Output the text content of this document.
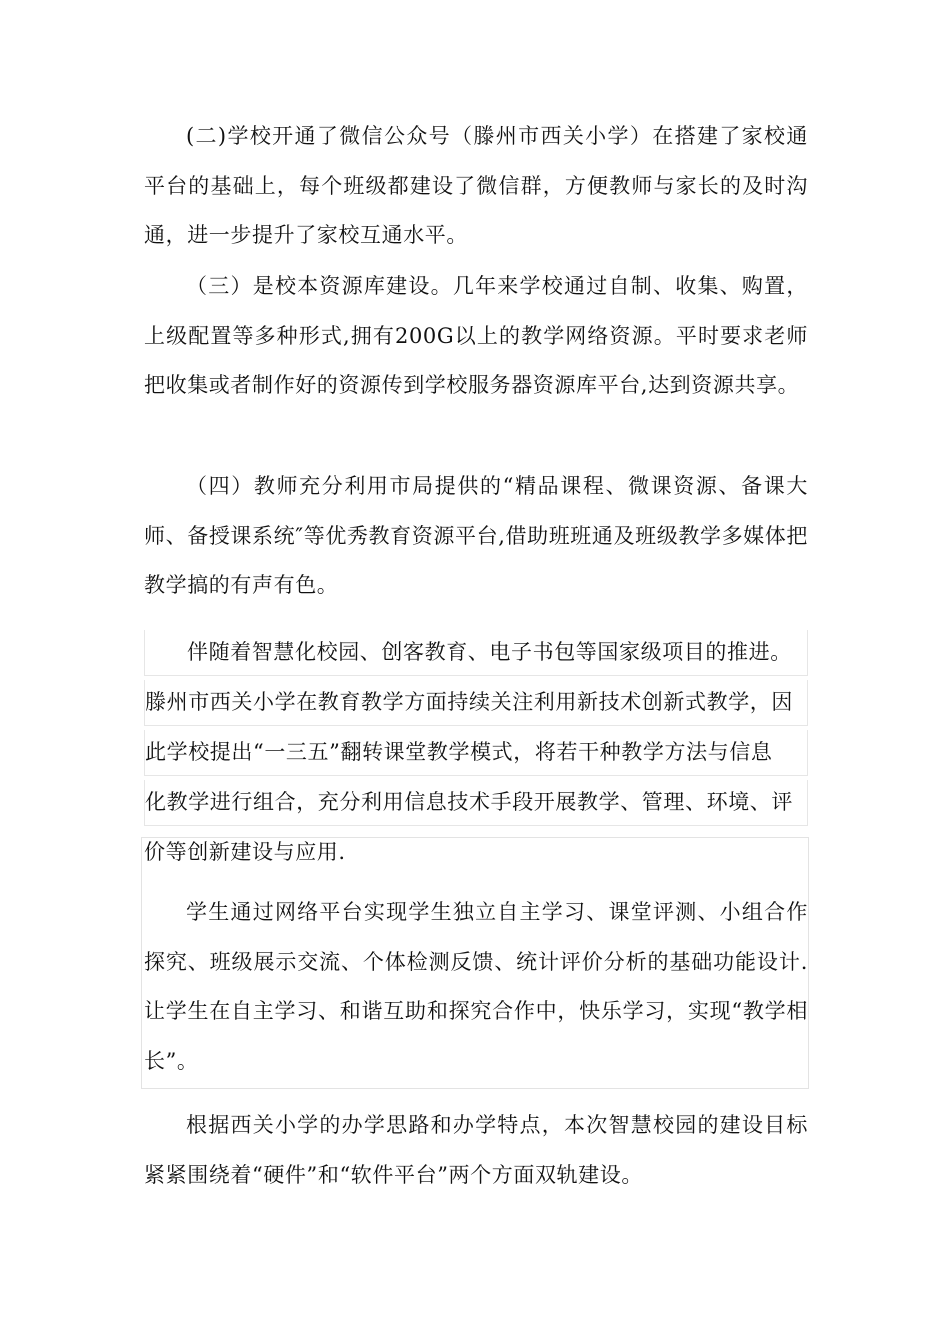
(二)学校开通了微信公众号（滕州市西关小学）在搭建了家校通平台的基础上，每个班级都建设了微信群，方便教师与家长的及时沟通，进一步提升了家校互通水平。

（三）是校本资源库建设。几年来学校通过自制、收集、购置，上级配置等多种形式,拥有200G以上的教学网络资源。平时要求老师把收集或者制作好的资源传到学校服务器资源库平台,达到资源共享。

（四）教师充分利用市局提供的“精品课程、微课资源、备课大师、备授课系统″等优秀教育资源平台,借助班班通及班级教学多媒体把教学搞的有声有色。

伴随着智慧化校园、创客教育、电子书包等国家级项目的推进。
滕州市西关小学在教育教学方面持续关注利用新技术创新式教学，因
此学校提出“一三五”翻转课堂教学模式，将若干种教学方法与信息
化教学进行组合，充分利用信息技术手段开展教学、管理、环境、评
价等创新建设与应用.

学生通过网络平台实现学生独立自主学习、课堂评测、小组合作探究、班级展示交流、个体检测反馈、统计评价分析的基础功能设计.让学生在自主学习、和谐互助和探究合作中，快乐学习，实现“教学相长”。

根据西关小学的办学思路和办学特点，本次智慧校园的建设目标紧紧围绕着“硬件”和“软件平台”两个方面双轨建设。
